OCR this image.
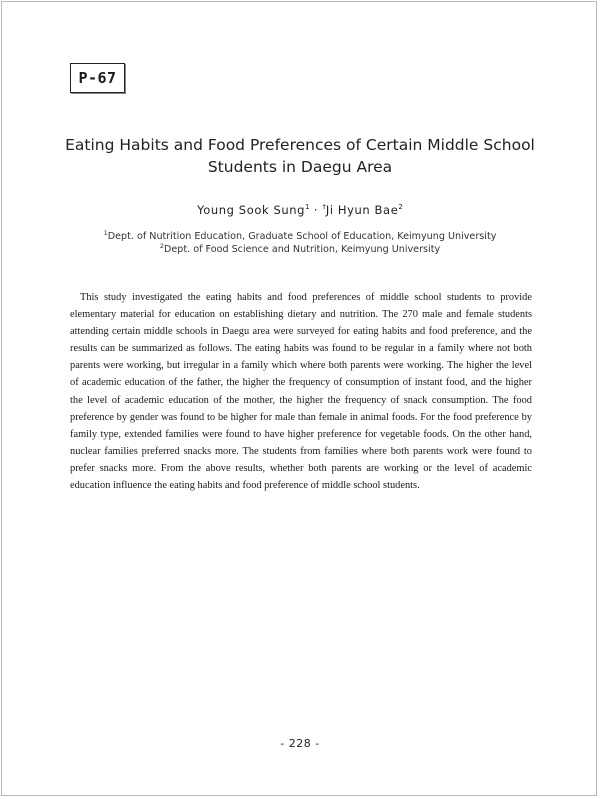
P-67
Eating Habits and Food Preferences of Certain Middle School
Students in Daegu Area
Young Sook Sung$^1$ · †Ji Hyun Bae$^2$
$^1$Dept. of Nutrition Education, Graduate School of Education, Keimyung University
$^2$Dept. of Food Science and Nutrition, Keimyung University

This study investigated the eating habits and food preferences of middle school students to provide elementary material for education on establishing dietary and nutrition. The 270 male and female students attending certain middle schools in Daegu area were surveyed for eating habits and food preference, and the results can be summarized as follows. The eating habits was found to be regular in a family where not both parents were working, but irregular in a family which where both parents were working. The higher the level of academic education of the father, the higher the frequency of consumption of instant food, and the higher the level of academic education of the mother, the higher the frequency of snack consumption. The food preference by gender was found to be higher for male than female in animal foods. For the food preference by family type, extended families were found to have higher preference for vegetable foods. On the other hand, nuclear families preferred snacks more. The students from families where both parents work were found to prefer snacks more. From the above results, whether both parents are working or the level of academic education influence the eating habits and food preference of middle school students.

- 228 -
